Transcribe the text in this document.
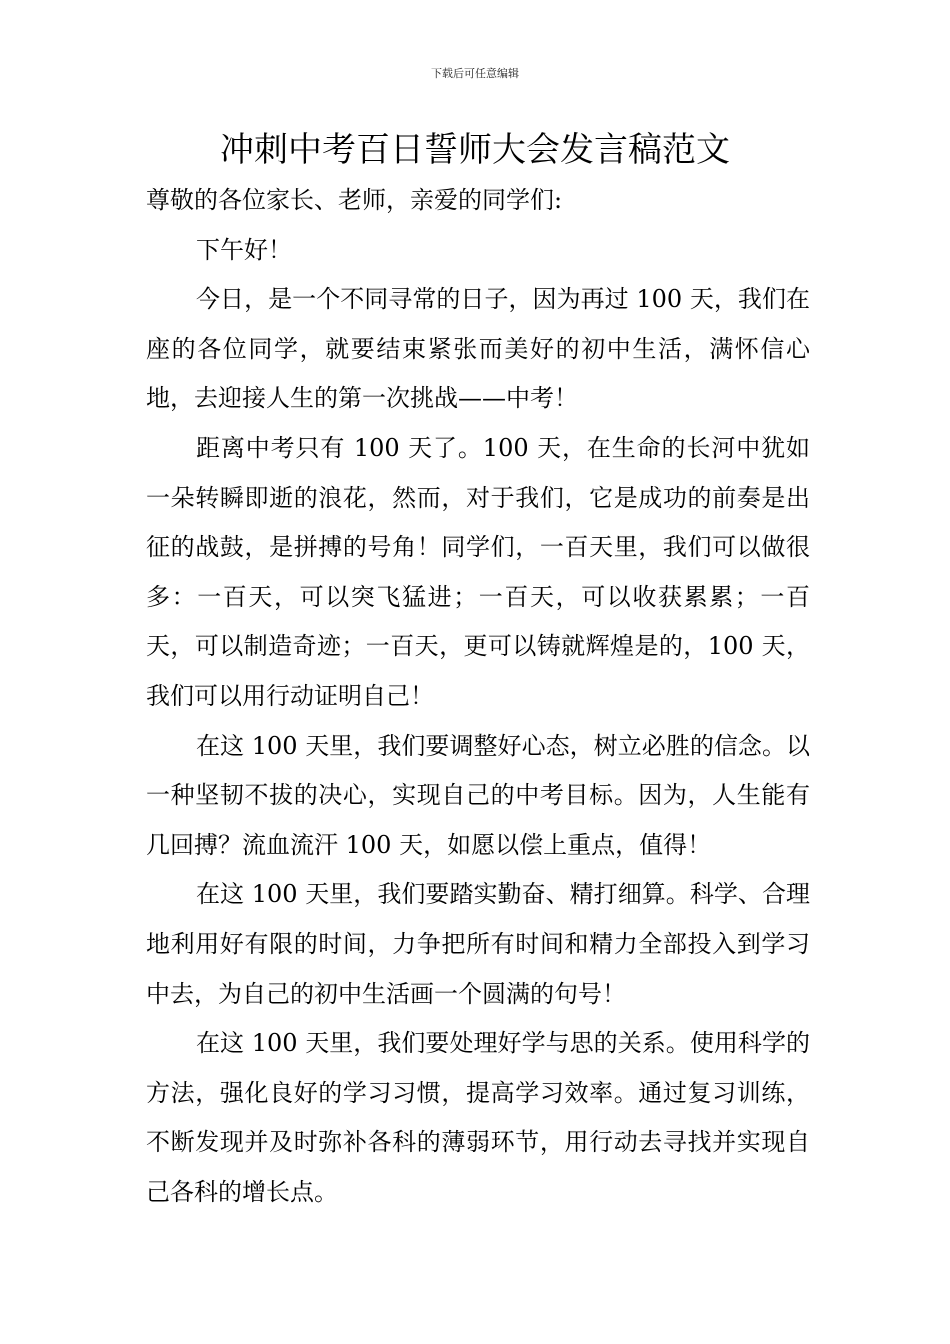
下载后可任意编辑
冲刺中考百日誓师大会发言稿范文

尊敬的各位家长、老师，亲爱的同学们:

下午好！

今日，是一个不同寻常的日子，因为再过 100 天，我们在座的各位同学，就要结束紧张而美好的初中生活，满怀信心地，去迎接人生的第一次挑战——中考！

距离中考只有 100 天了。100 天，在生命的长河中犹如一朵转瞬即逝的浪花，然而，对于我们，它是成功的前奏是出征的战鼓，是拼搏的号角！同学们，一百天里，我们可以做很多：一百天，可以突飞猛进；一百天，可以收获累累；一百天，可以制造奇迹；一百天，更可以铸就辉煌是的，100 天，我们可以用行动证明自己！

在这 100 天里，我们要调整好心态，树立必胜的信念。以一种坚韧不拔的决心，实现自己的中考目标。因为，人生能有几回搏？流血流汗 100 天，如愿以偿上重点，值得！

在这 100 天里，我们要踏实勤奋、精打细算。科学、合理地利用好有限的时间，力争把所有时间和精力全部投入到学习中去，为自己的初中生活画一个圆满的句号！

在这 100 天里，我们要处理好学与思的关系。使用科学的方法，强化良好的学习习惯，提高学习效率。通过复习训练，不断发现并及时弥补各科的薄弱环节，用行动去寻找并实现自己各科的增长点。
